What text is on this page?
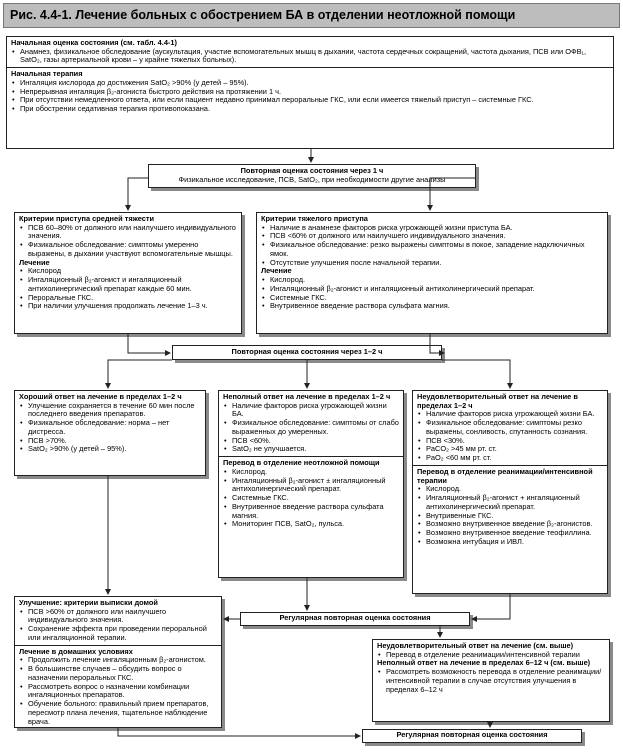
Рис. 4.4-1. Лечение больных с обострением БА в отделении неотложной помощи
Начальная оценка состояния (см. табл. 4.4-1)
• Анамнез, физикальное обследование (аускультация, участие вспомогательных мышц в дыхании, частота сердечных сокращений, частота дыхания, ПСВ или ОФВ₁, SatO₂, газы артериальной крови – у крайне тяжелых больных).
Начальная терапия
• Ингаляция кислорода до достижения SatO₂ >90% (у детей – 95%).
• Непрерывная ингаляция β₂-агониста быстрого действия на протяжении 1 ч.
• При отсутствии немедленного ответа, или если пациент недавно принимал пероральные ГКС, или если имеется тяжелый приступ – системные ГКС.
• При обострении седативная терапия противопоказана.
Повторная оценка состояния через 1 ч
Физикальное исследование, ПСВ, SatO₂, при необходимости другие анализы
Критерии приступа средней тяжести
• ПСВ 60–80% от должного или наилучшего индивидуального значения.
• Физикальное обследование: симптомы умеренно выражены, в дыхании участвуют вспомогательные мышцы.
Лечение
• Кислород
• Ингаляционный β₂-агонист и ингаляционный антихолинергический препарат каждые 60 мин.
• Пероральные ГКС.
• При наличии улучшения продолжать лечение 1–3 ч.
Критерии тяжелого приступа
• Наличие в анамнезе факторов риска угрожающей жизни приступа БА.
• ПСВ <60% от должного или наилучшего индивидуального значения.
• Физикальное обследование: резко выражены симптомы в покое, западение надключичных ямок.
• Отсутствие улучшения после начальной терапии.
Лечение
• Кислород.
• Ингаляционный β₂-агонист и ингаляционный антихолинергический препарат.
• Системные ГКС.
• Внутривенное введение раствора сульфата магния.
Повторная оценка состояния через 1–2 ч
Хороший ответ на лечение в пределах 1–2 ч
• Улучшение сохраняется в течение 60 мин после последнего введения препаратов.
• Физикальное обследование: норма – нет дистресса.
• ПСВ >70%.
• SatO₂ >90% (у детей – 95%).
Неполный ответ на лечение в пределах 1–2 ч
• Наличие факторов риска угрожающей жизни БА.
• Физикальное обследование: симптомы от слабо выраженных до умеренных.
• ПСВ <60%.
• SatO₂ не улучшается.
Перевод в отделение неотложной помощи
• Кислород.
• Ингаляционный β₂-агонист ± ингаляционный антихолинергический препарат.
• Системные ГКС.
• Внутривенное введение раствора сульфата магния.
• Мониторинг ПСВ, SatO₂, пульса.
Неудовлетворительный ответ на лечение в пределах 1–2 ч
• Наличие факторов риска угрожающей жизни БА.
• Физикальное обследование: симптомы резко выражены, сонливость, спутанность сознания.
• ПСВ <30%.
• PaCO₂ >45 мм рт. ст.
• PaO₂ <60 мм рт. ст.
Перевод в отделение реанимации/интенсивной терапии
• Кислород.
• Ингаляционный β₂-агонист + ингаляционный антихолинергический препарат.
• Внутривенные ГКС.
• Возможно внутривенное введение β₂-агонистов.
• Возможно внутривенное введение теофиллина.
• Возможна интубация и ИВЛ.
Улучшение: критерии выписки домой
• ПСВ >60% от должного или наилучшего индивидуального значения.
• Сохранение эффекта при проведении пероральной или ингаляционной терапии.
Лечение в домашних условиях
• Продолжить лечение ингаляционным β₂-агонистом.
• В большинстве случаев – обсудить вопрос о назначении пероральных ГКС.
• Рассмотреть вопрос о назначении комбинации ингаляционных препаратов.
• Обучение больного: правильный прием препаратов, пересмотр плана лечения, тщательное наблюдение врача.
Регулярная повторная оценка состояния
Неудовлетворительный ответ на лечение (см. выше)
• Перевод в отделение реанимации/интенсивной терапии
Неполный ответ на лечение в пределах 6–12 ч (см. выше)
• Рассмотреть возможность перевода в отделение реанимации/интенсивной терапии в случае отсутствия улучшения в пределах 6–12 ч
Регулярная повторная оценка состояния
